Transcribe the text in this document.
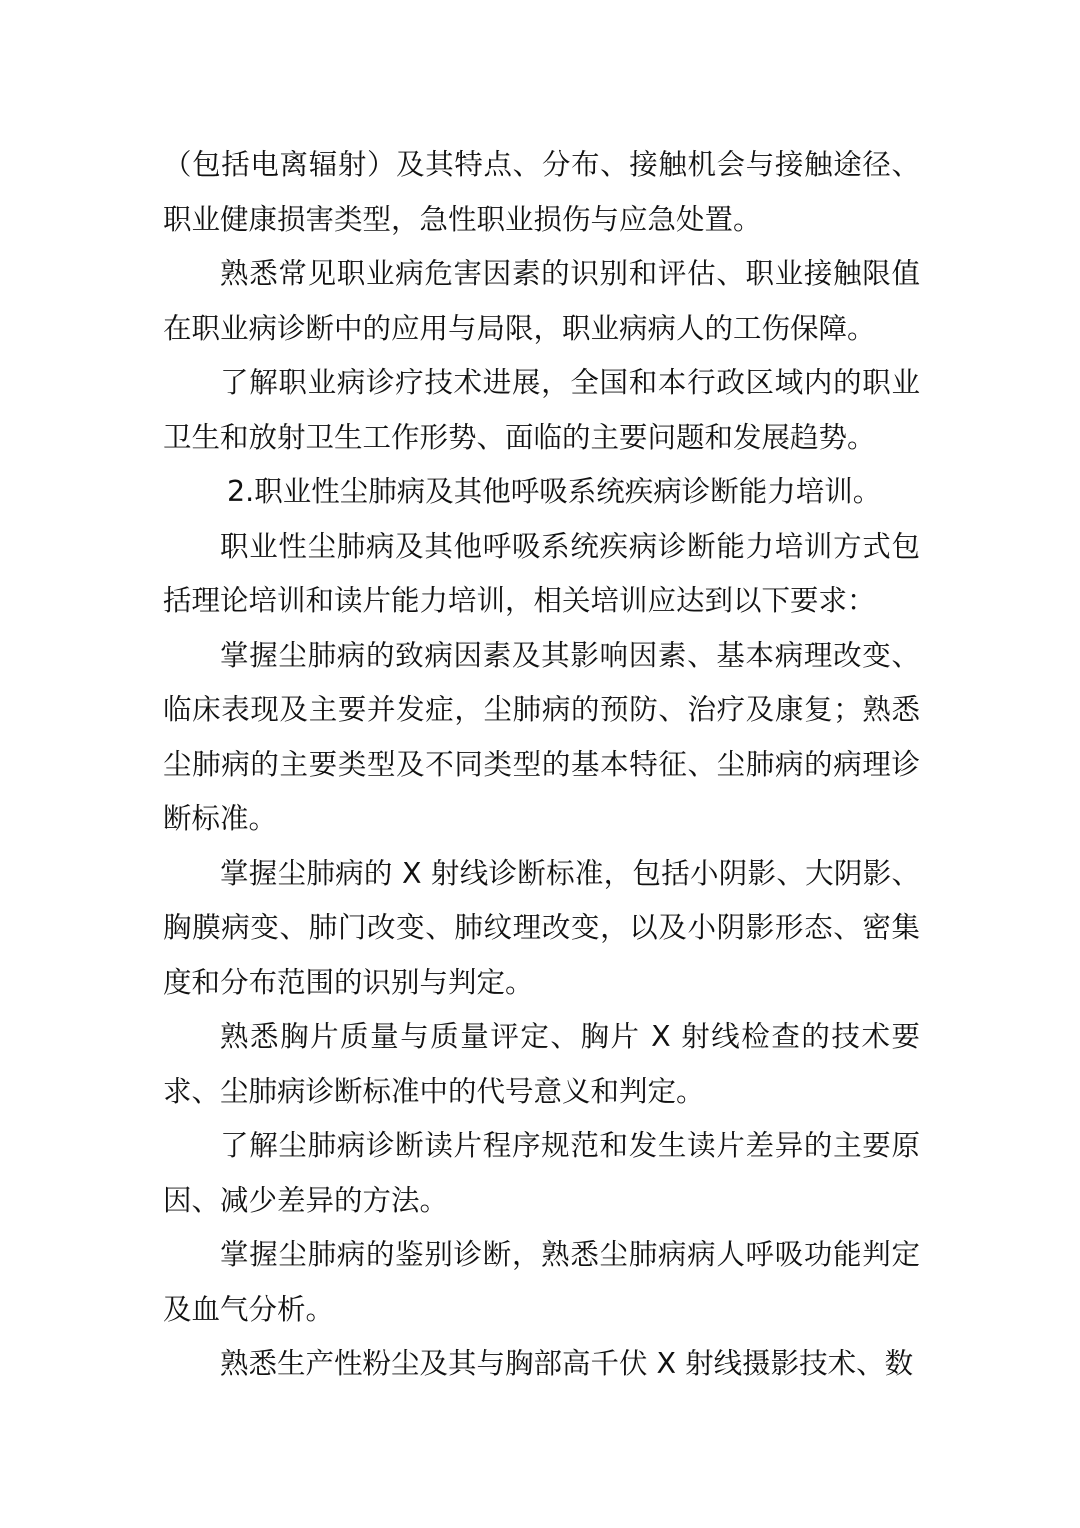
（包括电离辐射）及其特点、分布、接触机会与接触途径、职业健康损害类型，急性职业损伤与应急处置。

熟悉常见职业病危害因素的识别和评估、职业接触限值在职业病诊断中的应用与局限，职业病病人的工伤保障。

了解职业病诊疗技术进展，全国和本行政区域内的职业卫生和放射卫生工作形势、面临的主要问题和发展趋势。

2.职业性尘肺病及其他呼吸系统疾病诊断能力培训。

职业性尘肺病及其他呼吸系统疾病诊断能力培训方式包括理论培训和读片能力培训，相关培训应达到以下要求：

掌握尘肺病的致病因素及其影响因素、基本病理改变、临床表现及主要并发症，尘肺病的预防、治疗及康复；熟悉尘肺病的主要类型及不同类型的基本特征、尘肺病的病理诊断标准。

掌握尘肺病的 X 射线诊断标准，包括小阴影、大阴影、胸膜病变、肺门改变、肺纹理改变，以及小阴影形态、密集度和分布范围的识别与判定。

熟悉胸片质量与质量评定、胸片 X 射线检查的技术要求、尘肺病诊断标准中的代号意义和判定。

了解尘肺病诊断读片程序规范和发生读片差异的主要原因、减少差异的方法。

掌握尘肺病的鉴别诊断，熟悉尘肺病病人呼吸功能判定及血气分析。

熟悉生产性粉尘及其与胸部高千伏 X 射线摄影技术、数
